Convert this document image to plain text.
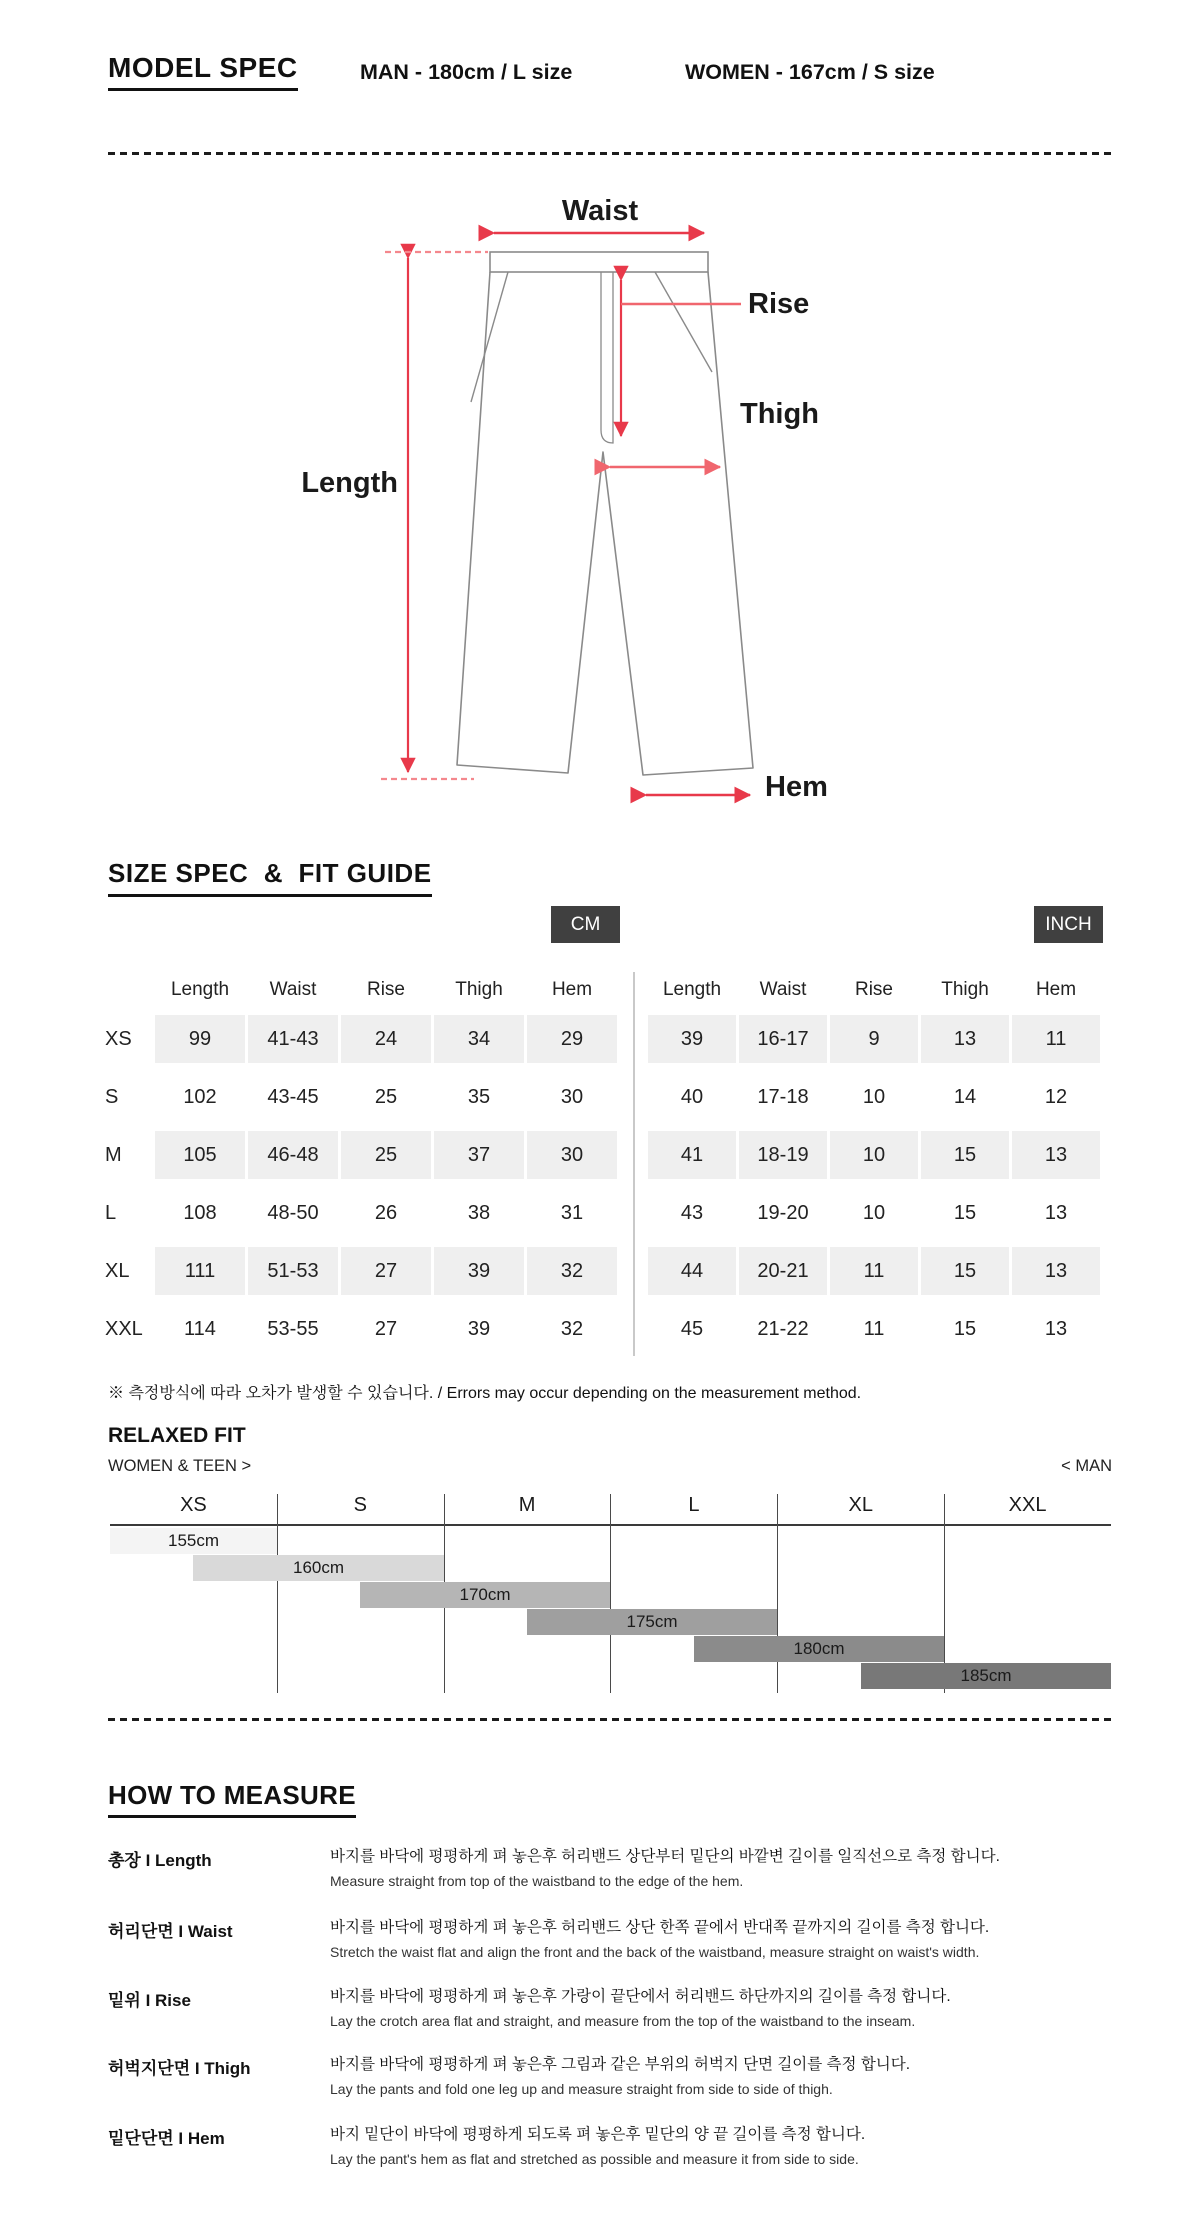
MODEL SPEC	MAN - 180cm / L size	WOMEN - 167cm / S size
Waist
Rise
Thigh
Length
Hem
SIZE SPEC  &  FIT GUIDE
CM	INCH
Length	Waist	Rise	Thigh	Hem
XS	99	41-43	24	34	29
S	102	43-45	25	35	30
M	105	46-48	25	37	30
L	108	48-50	26	38	31
XL	111	51-53	27	39	32
XXL	114	53-55	27	39	32
Length	Waist	Rise	Thigh	Hem
39	16-17	9	13	11
40	17-18	10	14	12
41	18-19	10	15	13
43	19-20	10	15	13
44	20-21	11	15	13
45	21-22	11	15	13
※ 측정방식에 따라 오차가 발생할 수 있습니다. / Errors may occur depending on the measurement method.
RELAXED FIT
WOMEN & TEEN >	< MAN
XS	S	M	L	XL	XXL
155cm
160cm
170cm
175cm
180cm
185cm
HOW TO MEASURE
총장 I Length	바지를 바닥에 평평하게 펴 놓은후 허리밴드 상단부터 밑단의 바깥변 길이를 일직선으로 측정 합니다.
Measure straight from top of the waistband to the edge of the hem.
허리단면 I Waist	바지를 바닥에 평평하게 펴 놓은후 허리밴드 상단 한쪽 끝에서 반대쪽 끝까지의 길이를 측정 합니다.
Stretch the waist flat and align the front and the back of the waistband, measure straight on waist's width.
밑위 I Rise	바지를 바닥에 평평하게 펴 놓은후 가랑이 끝단에서 허리밴드 하단까지의 길이를 측정 합니다.
Lay the crotch area flat and straight, and measure from the top of the waistband to the inseam.
허벅지단면 I Thigh	바지를 바닥에 평평하게 펴 놓은후 그림과 같은 부위의 허벅지 단면 길이를 측정 합니다.
Lay the pants and fold one leg up and measure straight from side to side of thigh.
밑단단면 I Hem	바지 밑단이 바닥에 평평하게 되도록 펴 놓은후 밑단의 양 끝 길이를 측정 합니다.
Lay the pant's hem as flat and stretched as possible and measure it from side to side.
